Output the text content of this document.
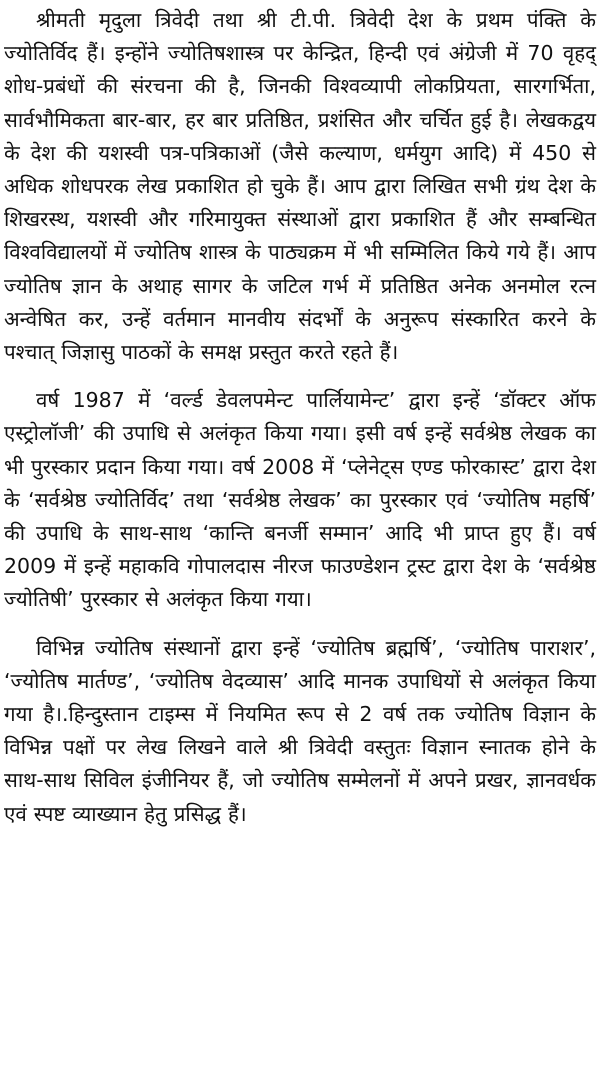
श्रीमती मृदुला त्रिवेदी तथा श्री टी.पी. त्रिवेदी देश के प्रथम पंक्ति के ज्योतिर्विद हैं। इन्होंने ज्योतिषशास्त्र पर केन्द्रित, हिन्दी एवं अंग्रेजी में 70 वृहद् शोध-प्रबंधों की संरचना की है, जिनकी विश्वव्यापी लोकप्रियता, सारगर्भिता, सार्वभौमिकता बार-बार, हर बार प्रतिष्ठित, प्रशंसित और चर्चित हुई है। लेखकद्वय के देश की यशस्वी पत्र-पत्रिकाओं (जैसे कल्याण, धर्मयुग आदि) में 450 से अधिक शोधपरक लेख प्रकाशित हो चुके हैं। आप द्वारा लिखित सभी ग्रंथ देश के शिखरस्थ, यशस्वी और गरिमायुक्त संस्थाओं द्वारा प्रकाशित हैं और सम्बन्धित विश्वविद्यालयों में ज्योतिष शास्त्र के पाठ्यक्रम में भी सम्मिलित किये गये हैं। आप ज्योतिष ज्ञान के अथाह सागर के जटिल गर्भ में प्रतिष्ठित अनेक अनमोल रत्न अन्वेषित कर, उन्हें वर्तमान मानवीय संदर्भों के अनुरूप संस्कारित करने के पश्चात् जिज्ञासु पाठकों के समक्ष प्रस्तुत करते रहते हैं।

वर्ष 1987 में ‘वर्ल्ड डेवलपमेन्ट पार्लियामेन्ट’ द्वारा इन्हें ‘डॉक्टर ऑफ एस्ट्रोलॉजी’ की उपाधि से अलंकृत किया गया। इसी वर्ष इन्हें सर्वश्रेष्ठ लेखक का भी पुरस्कार प्रदान किया गया। वर्ष 2008 में ‘प्लेनेट्स एण्ड फोरकास्ट’ द्वारा देश के ‘सर्वश्रेष्ठ ज्योतिर्विद’ तथा ‘सर्वश्रेष्ठ लेखक’ का पुरस्कार एवं ‘ज्योतिष महर्षि’ की उपाधि के साथ-साथ ‘कान्ति बनर्जी सम्मान’ आदि भी प्राप्त हुए हैं। वर्ष 2009 में इन्हें महाकवि गोपालदास नीरज फाउण्डेशन ट्रस्ट द्वारा देश के ‘सर्वश्रेष्ठ ज्योतिषी’ पुरस्कार से अलंकृत किया गया।

विभिन्न ज्योतिष संस्थानों द्वारा इन्हें ‘ज्योतिष ब्रह्मर्षि’, ‘ज्योतिष पाराशर’, ‘ज्योतिष मार्तण्ड’, ‘ज्योतिष वेदव्यास’ आदि मानक उपाधियों से अलंकृत किया गया है।.हिन्दुस्तान टाइम्स में नियमित रूप से 2 वर्ष तक ज्योतिष विज्ञान के विभिन्न पक्षों पर लेख लिखने वाले श्री त्रिवेदी वस्तुतः विज्ञान स्नातक होने के साथ-साथ सिविल इंजीनियर हैं, जो ज्योतिष सम्मेलनों में अपने प्रखर, ज्ञानवर्धक एवं स्पष्ट व्याख्यान हेतु प्रसिद्ध हैं।
